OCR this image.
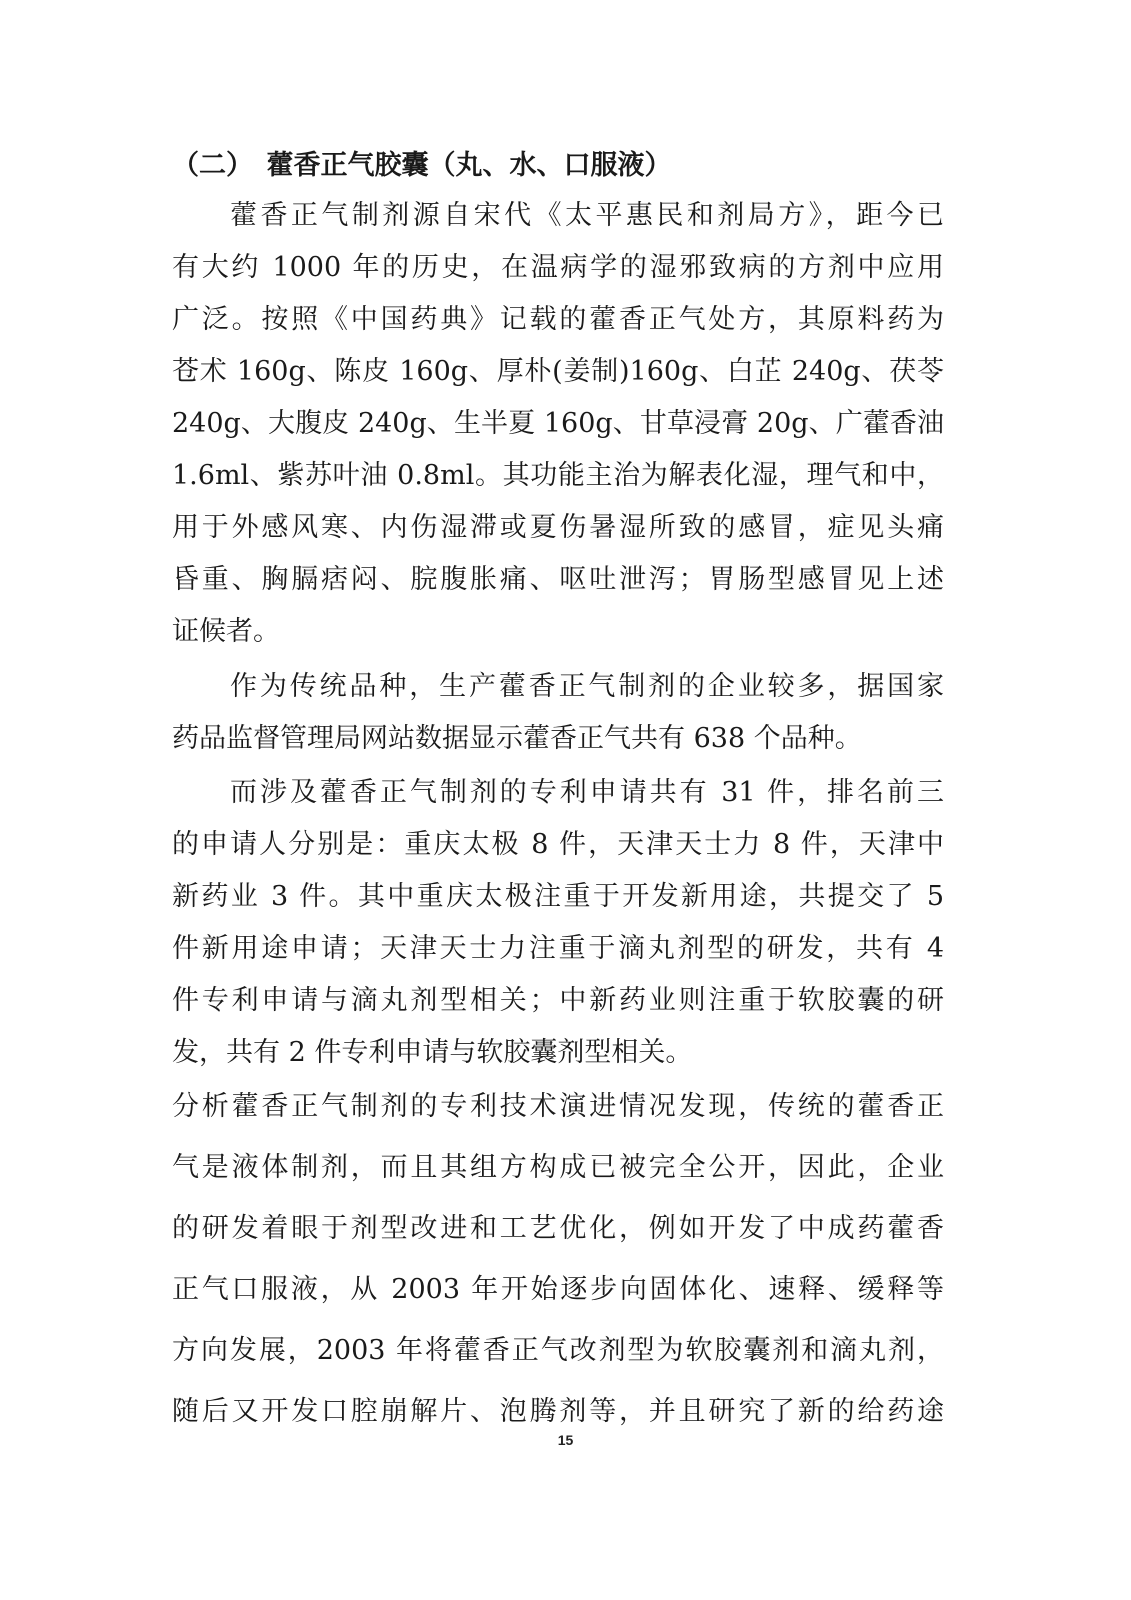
（二）　藿香正气胶囊（丸、水、口服液）
藿香正气制剂源自宋代《太平惠民和剂局方》，距今已
有大约 1000 年的历史，在温病学的湿邪致病的方剂中应用
广泛。按照《中国药典》记载的藿香正气处方，其原料药为
苍术 160g、陈皮 160g、厚朴(姜制)160g、白芷 240g、茯苓
240g、大腹皮 240g、生半夏 160g、甘草浸膏 20g、广藿香油
1.6ml、紫苏叶油 0.8ml。其功能主治为解表化湿，理气和中，
用于外感风寒、内伤湿滞或夏伤暑湿所致的感冒，症见头痛
昏重、胸膈痞闷、脘腹胀痛、呕吐泄泻；胃肠型感冒见上述
证候者。
作为传统品种，生产藿香正气制剂的企业较多，据国家
药品监督管理局网站数据显示藿香正气共有 638 个品种。
而涉及藿香正气制剂的专利申请共有 31 件，排名前三
的申请人分别是：重庆太极 8 件，天津天士力 8 件，天津中
新药业 3 件。其中重庆太极注重于开发新用途，共提交了 5
件新用途申请；天津天士力注重于滴丸剂型的研发，共有 4
件专利申请与滴丸剂型相关；中新药业则注重于软胶囊的研
发，共有 2 件专利申请与软胶囊剂型相关。
分析藿香正气制剂的专利技术演进情况发现，传统的藿香正
气是液体制剂，而且其组方构成已被完全公开，因此，企业
的研发着眼于剂型改进和工艺优化，例如开发了中成药藿香
正气口服液，从 2003 年开始逐步向固体化、速释、缓释等
方向发展，2003 年将藿香正气改剂型为软胶囊剂和滴丸剂，
随后又开发口腔崩解片、泡腾剂等，并且研究了新的给药途
15
